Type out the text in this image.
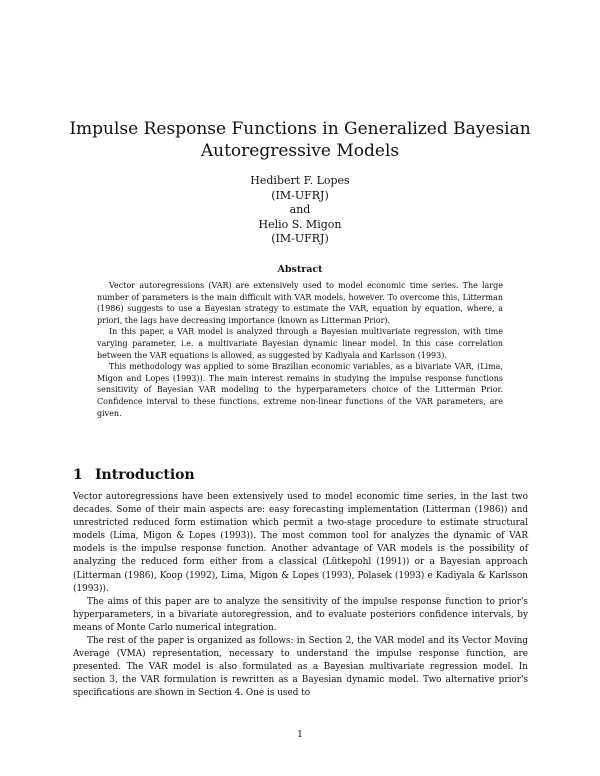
Impulse Response Functions in Generalized Bayesian
Autoregressive Models
Hedibert F. Lopes
(IM-UFRJ)
and
Helio S. Migon
(IM-UFRJ)
Abstract

Vector autoregressions (VAR) are extensively used to model economic time series. The large number of parameters is the main difficult with VAR models, however. To overcome this, Litterman (1986) suggests to use a Bayesian strategy to estimate the VAR, equation by equation, where, a priori, the lags have decreasing importance (known as Litterman Prior).

In this paper, a VAR model is analyzed through a Bayesian multivariate regression, with time varying parameter, i.e. a multivariate Bayesian dynamic linear model. In this case correlation between the VAR equations is allowed, as suggested by Kadiyala and Karlsson (1993).

This methodology was applied to some Brazilian economic variables, as a bivariate VAR, (Lima, Migon and Lopes (1993)). The main interest remains in studying the impulse response functions sensitivity of Bayesian VAR modeling to the hyperparameters choice of the Litterman Prior. Confidence interval to these functions, extreme non-linear functions of the VAR parameters, are given.

1 Introduction

Vector autoregressions have been extensively used to model economic time series, in the last two decades. Some of their main aspects are: easy forecasting implementation (Litterman (1986)) and unrestricted reduced form estimation which permit a two-stage procedure to estimate structural models (Lima, Migon & Lopes (1993)). The most common tool for analyzes the dynamic of VAR models is the impulse response function. Another advantage of VAR models is the possibility of analyzing the reduced form either from a classical (Lütkepohl (1991)) or a Bayesian approach (Litterman (1986), Koop (1992), Lima, Migon & Lopes (1993), Polasek (1993) e Kadiyala & Karlsson (1993)).

The aims of this paper are to analyze the sensitivity of the impulse response function to prior's hyperparameters, in a bivariate autoregression, and to evaluate posteriors confidence intervals, by means of Monte Carlo numerical integration.

The rest of the paper is organized as follows: in Section 2, the VAR model and its Vector Moving Average (VMA) representation, necessary to understand the impulse response function, are presented. The VAR model is also formulated as a Bayesian multivariate regression model. In section 3, the VAR formulation is rewritten as a Bayesian dynamic model. Two alternative prior's specifications are shown in Section 4. One is used to

1
